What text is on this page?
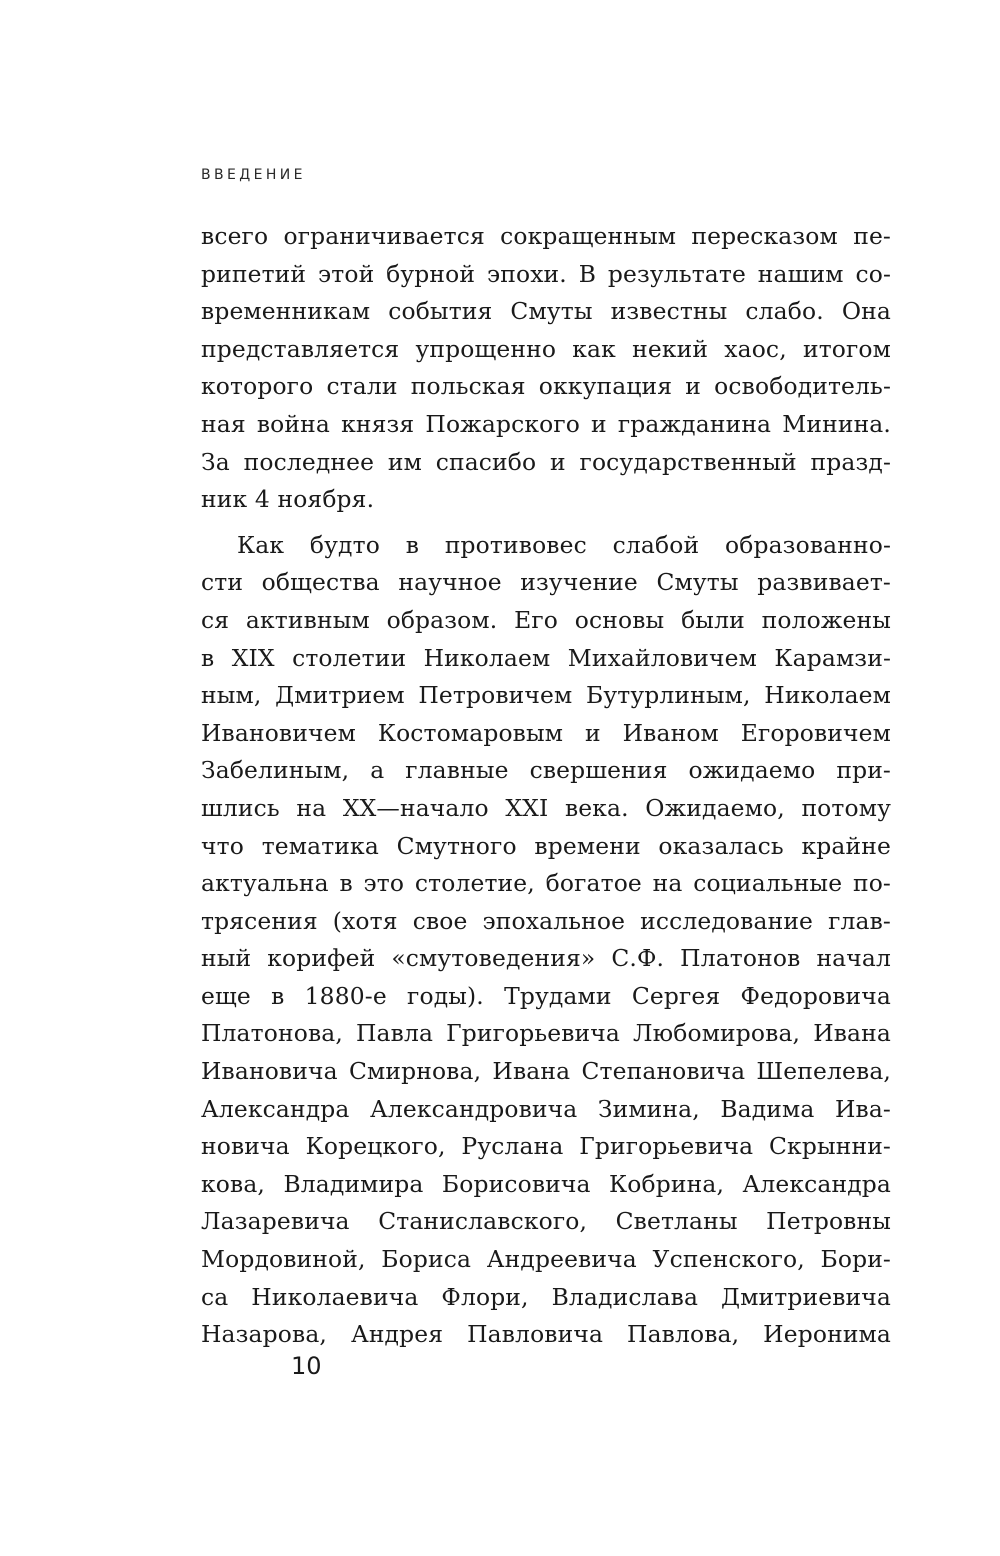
ВВЕДЕНИЕ
всего ограничивается сокращенным пересказом пе-
рипетий этой бурной эпохи. В результате нашим со-
временникам события Смуты известны слабо. Она
представляется упрощенно как некий хаос, итогом
которого стали польская оккупация и освободитель-
ная война князя Пожарского и гражданина Минина.
За последнее им спасибо и государственный празд-
ник 4 ноября.
Как будто в противовес слабой образованно-
сти общества научное изучение Смуты развивает-
ся активным образом. Его основы были положены
в XIX столетии Николаем Михайловичем Карамзи-
ным, Дмитрием Петровичем Бутурлиным, Николаем
Ивановичем Костомаровым и Иваном Егоровичем
Забелиным, а главные свершения ожидаемо при-
шлись на XX—начало XXI века. Ожидаемо, потому
что тематика Смутного времени оказалась крайне
актуальна в это столетие, богатое на социальные по-
трясения (хотя свое эпохальное исследование глав-
ный корифей «смутоведения» С.Ф. Платонов начал
еще в 1880-е годы). Трудами Сергея Федоровича
Платонова, Павла Григорьевича Любомирова, Ивана
Ивановича Смирнова, Ивана Степановича Шепелева,
Александра Александровича Зимина, Вадима Ива-
новича Корецкого, Руслана Григорьевича Скрынни-
кова, Владимира Борисовича Кобрина, Александра
Лазаревича Станиславского, Светланы Петровны
Мордовиной, Бориса Андреевича Успенского, Бори-
са Николаевича Флори, Владислава Дмитриевича
Назарова, Андрея Павловича Павлова, Иеронима
10
